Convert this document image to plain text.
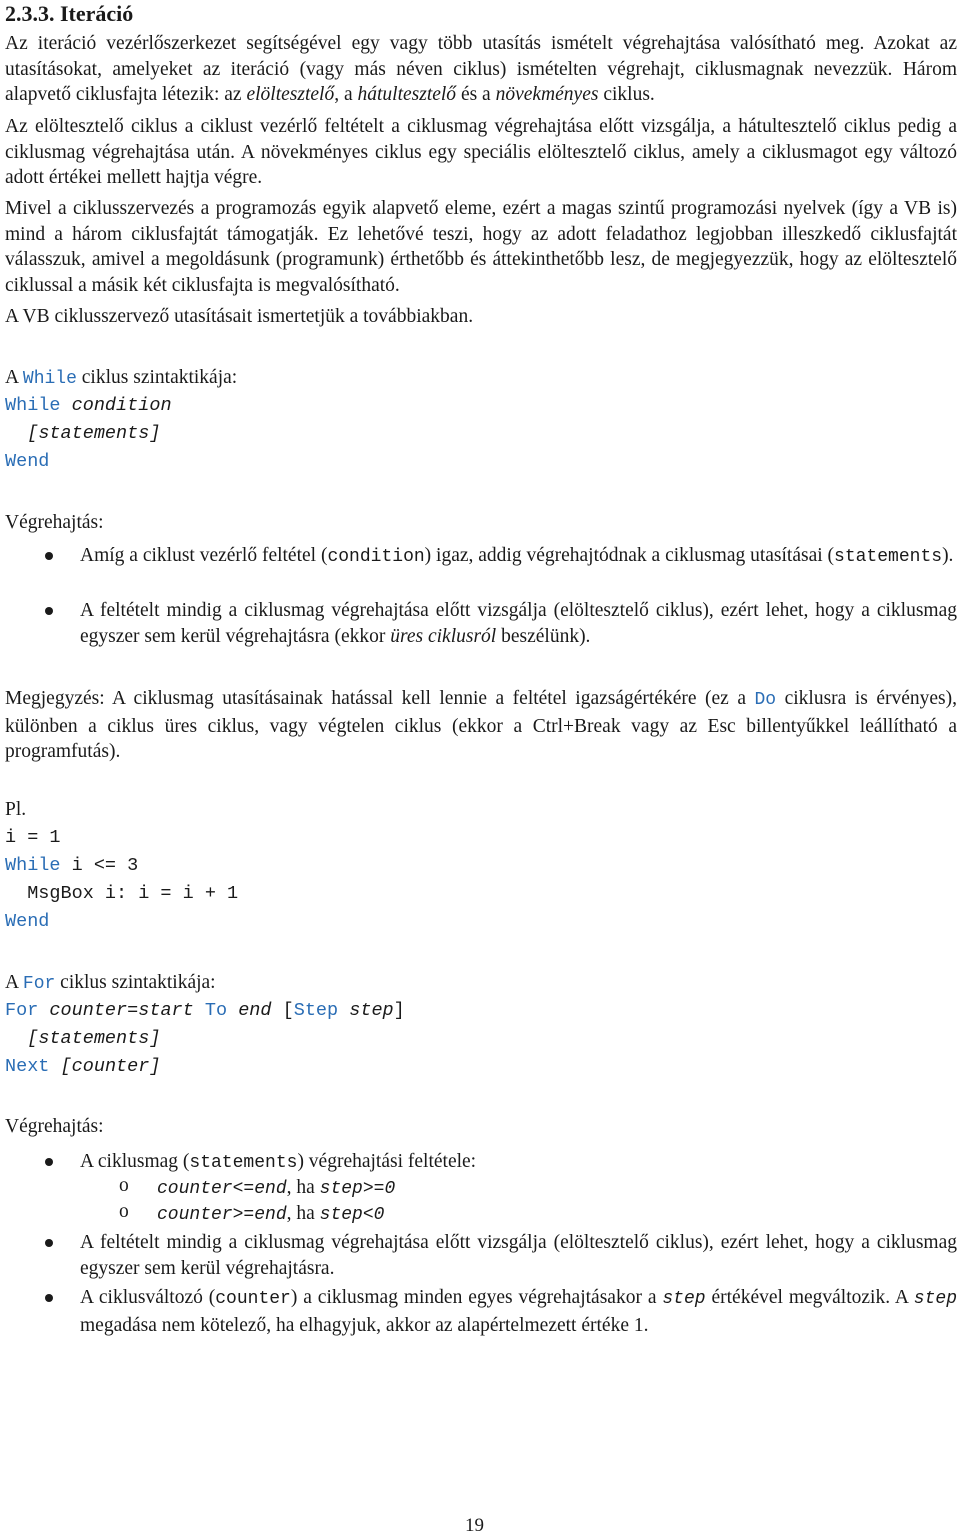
2.3.3. Iteráció
Az iteráció vezérlőszerkezet segítségével egy vagy több utasítás ismételt végrehajtása valósítható meg. Azokat az utasításokat, amelyeket az iteráció (vagy más néven ciklus) ismételten végrehajt, ciklusmagnak nevezzük. Három alapvető ciklusfajta létezik: az elöltesztelő, a hátultesztelő és a növekményes ciklus.
Az elöltesztelő ciklus a ciklust vezérlő feltételt a ciklusmag végrehajtása előtt vizsgálja, a hátultesztelő ciklus pedig a ciklusmag végrehajtása után. A növekményes ciklus egy speciális elöltesztelő ciklus, amely a ciklusmagot egy változó adott értékei mellett hajtja végre.
Mivel a ciklusszervezés a programozás egyik alapvető eleme, ezért a magas szintű programozási nyelvek (így a VB is) mind a három ciklusfajtát támogatják. Ez lehetővé teszi, hogy az adott feladathoz legjobban illeszkedő ciklusfajtát válasszuk, amivel a megoldásunk (programunk) érthetőbb és áttekinthetőbb lesz, de megjegyezzük, hogy az elöltesztelő ciklussal a másik két ciklusfajta is megvalósítható.
A VB ciklusszervező utasításait ismertetjük a továbbiakban.
A While ciklus szintaktikája:
While condition
[statements]
Wend
Végrehajtás:
Amíg a ciklust vezérlő feltétel (condition) igaz, addig végrehajtódnak a ciklusmag utasításai (statements).
A feltételt mindig a ciklusmag végrehajtása előtt vizsgálja (elöltesztelő ciklus), ezért lehet, hogy a ciklusmag egyszer sem kerül végrehajtásra (ekkor üres ciklusról beszélünk).
Megjegyzés: A ciklusmag utasításainak hatással kell lennie a feltétel igazságértékére (ez a Do ciklusra is érvényes), különben a ciklus üres ciklus, vagy végtelen ciklus (ekkor a Ctrl+Break vagy az Esc billentyűkkel leállítható a programfutás).
Pl.
i = 1
While i <= 3
MsgBox i: i = i + 1
Wend
A For ciklus szintaktikája:
For counter=start To end [Step step]
[statements]
Next [counter]
Végrehajtás:
A ciklusmag (statements) végrehajtási feltétele:
o counter<=end, ha step>=0
o counter>=end, ha step<0
A feltételt mindig a ciklusmag végrehajtása előtt vizsgálja (elöltesztelő ciklus), ezért lehet, hogy a ciklusmag egyszer sem kerül végrehajtásra.
A ciklusváltozó (counter) a ciklusmag minden egyes végrehajtásakor a step értékével megváltozik. A step megadása nem kötelező, ha elhagyjuk, akkor az alapértelmezett értéke 1.
19
